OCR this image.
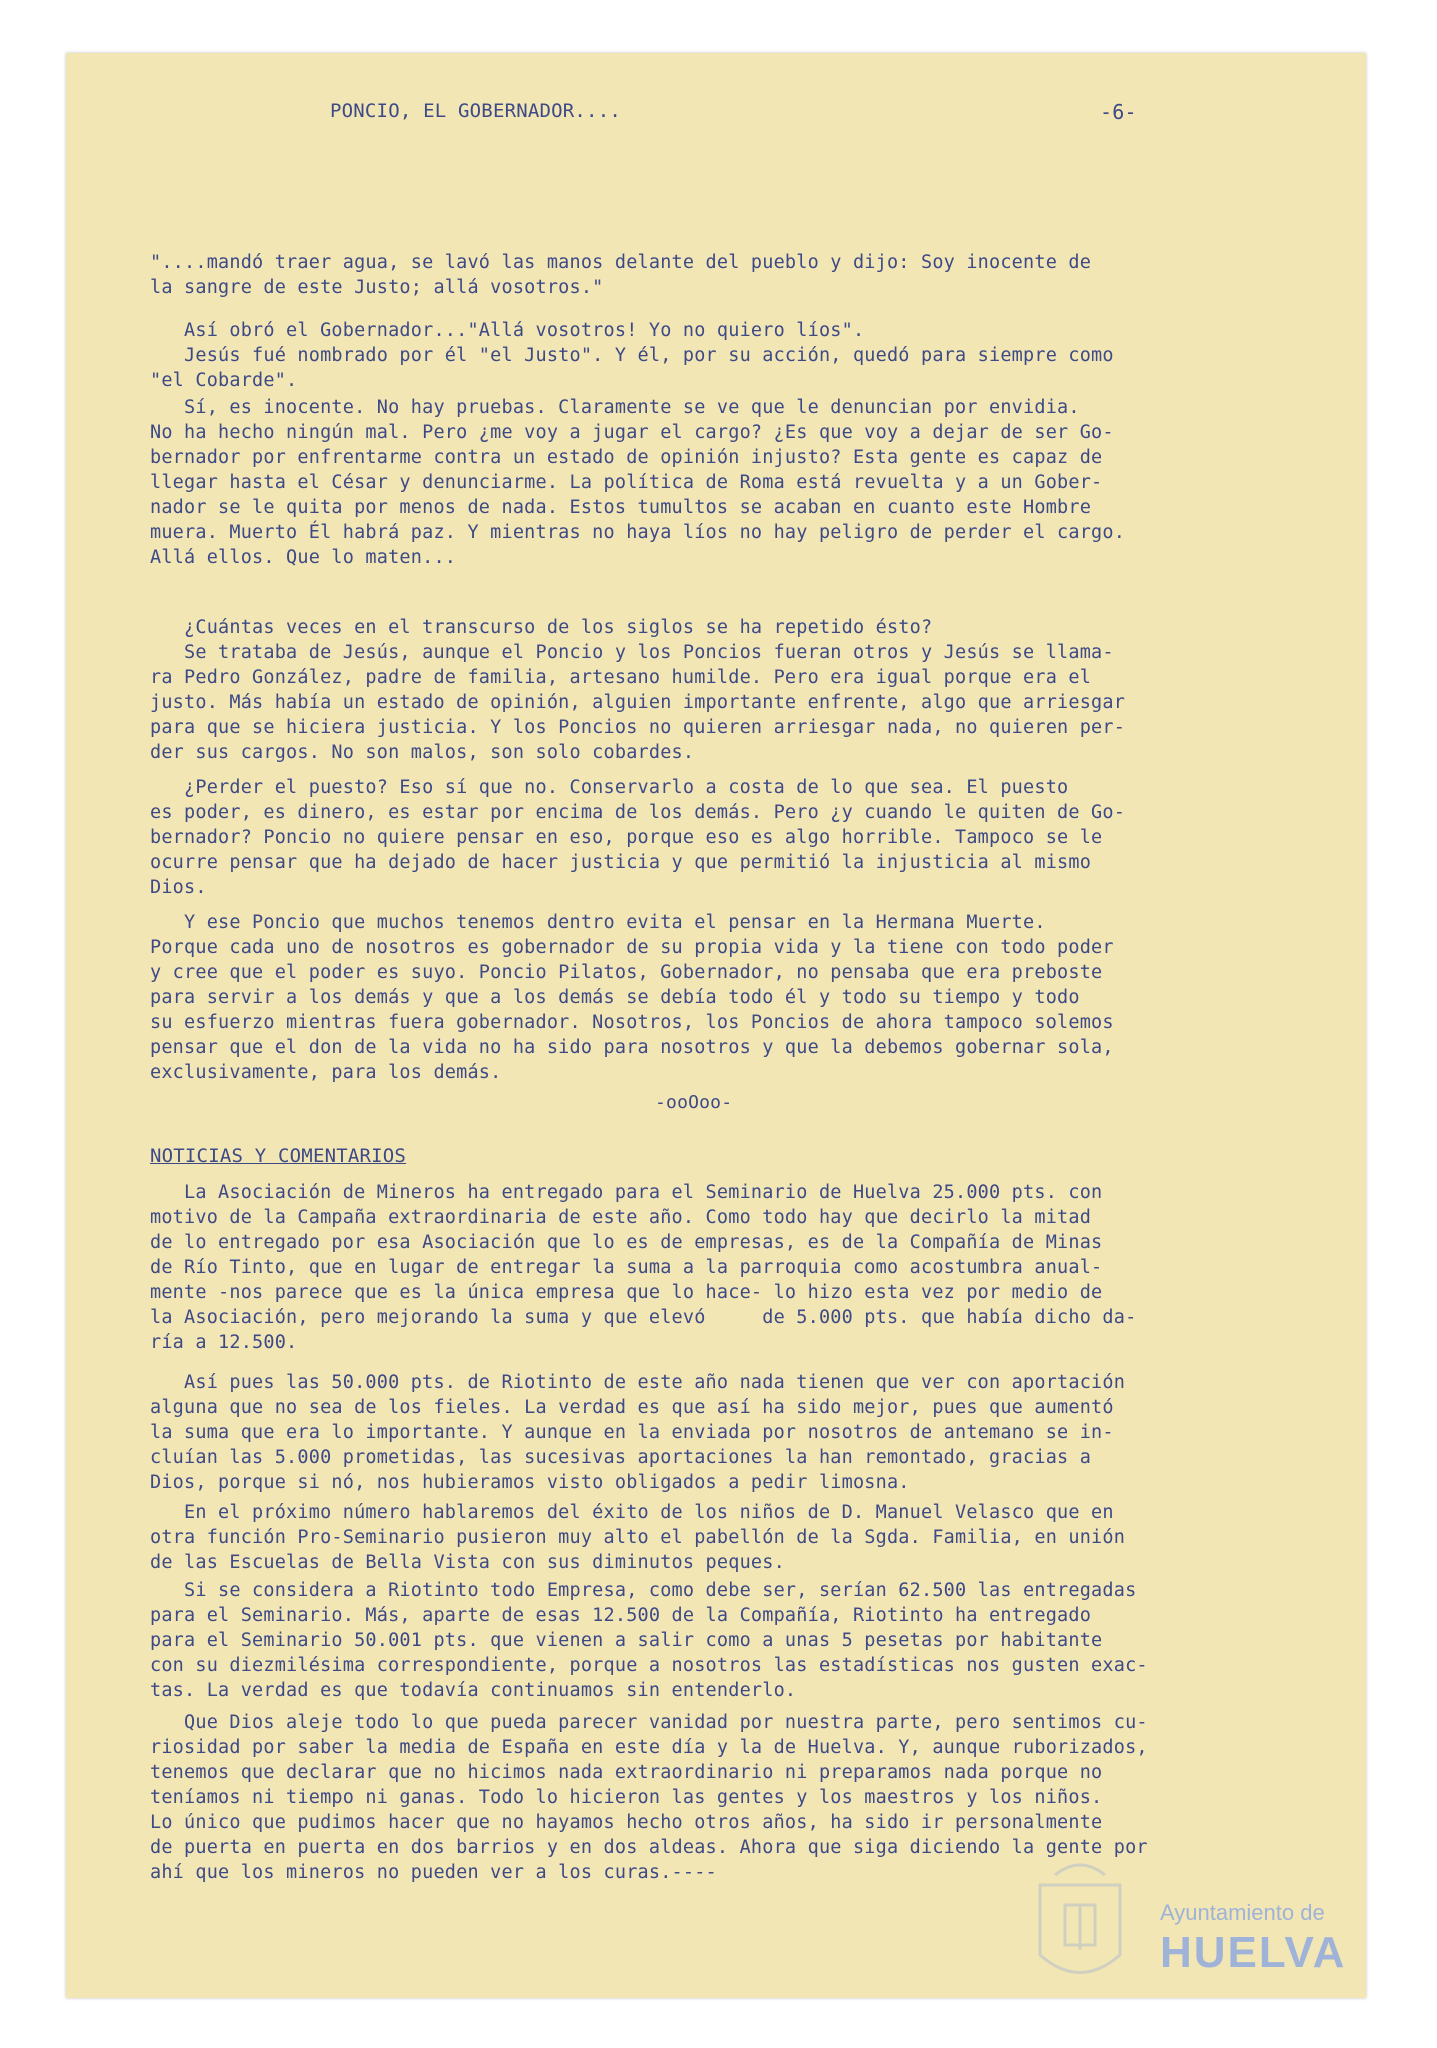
PONCIO, EL GOBERNADOR....	-6-
"....mandó traer agua, se lavó las manos delante del pueblo y dijo: Soy inocente de
la sangre de este Justo; allá vosotros."
Así obró el Gobernador..."Allá vosotros! Yo no quiero líos".
Jesús fué nombrado por él "el Justo". Y él, por su acción, quedó para siempre como
"el Cobarde".
Sí, es inocente. No hay pruebas. Claramente se ve que le denuncian por envidia.
No ha hecho ningún mal. Pero ¿me voy a jugar el cargo? ¿Es que voy a dejar de ser Go-
bernador por enfrentarme contra un estado de opinión injusto? Esta gente es capaz de
llegar hasta el César y denunciarme. La política de Roma está revuelta y a un Gober-
nador se le quita por menos de nada. Estos tumultos se acaban en cuanto este Hombre
muera. Muerto Él habrá paz. Y mientras no haya líos no hay peligro de perder el cargo.
Allá ellos. Que lo maten...
¿Cuántas veces en el transcurso de los siglos se ha repetido ésto?
Se trataba de Jesús, aunque el Poncio y los Poncios fueran otros y Jesús se llama-
ra Pedro González, padre de familia, artesano humilde. Pero era igual porque era el
justo. Más había un estado de opinión, alguien importante enfrente, algo que arriesgar
para que se hiciera justicia. Y los Poncios no quieren arriesgar nada, no quieren per-
der sus cargos. No son malos, son solo cobardes.
¿Perder el puesto? Eso sí que no. Conservarlo a costa de lo que sea. El puesto
es poder, es dinero, es estar por encima de los demás. Pero ¿y cuando le quiten de Go-
bernador? Poncio no quiere pensar en eso, porque eso es algo horrible. Tampoco se le
ocurre pensar que ha dejado de hacer justicia y que permitió la injusticia al mismo
Dios.
Y ese Poncio que muchos tenemos dentro evita el pensar en la Hermana Muerte.
Porque cada uno de nosotros es gobernador de su propia vida y la tiene con todo poder
y cree que el poder es suyo. Poncio Pilatos, Gobernador, no pensaba que era preboste
para servir a los demás y que a los demás se debía todo él y todo su tiempo y todo
su esfuerzo mientras fuera gobernador. Nosotros, los Poncios de ahora tampoco solemos
pensar que el don de la vida no ha sido para nosotros y que la debemos gobernar sola,
exclusivamente, para los demás.
-ooOoo-
NOTICIAS Y COMENTARIOS
La Asociación de Mineros ha entregado para el Seminario de Huelva 25.000 pts. con
motivo de la Campaña extraordinaria de este año. Como todo hay que decirlo la mitad
de lo entregado por esa Asociación que lo es de empresas, es de la Compañía de Minas
de Río Tinto, que en lugar de entregar la suma a la parroquia como acostumbra anual-
mente -nos parece que es la única empresa que lo hace- lo hizo esta vez por medio de
la Asociación, pero mejorando la suma y que elevó     de 5.000 pts. que había dicho da-
ría a 12.500.
Así pues las 50.000 pts. de Riotinto de este año nada tienen que ver con aportación
alguna que no sea de los fieles. La verdad es que así ha sido mejor, pues que aumentó
la suma que era lo importante. Y aunque en la enviada por nosotros de antemano se in-
cluían las 5.000 prometidas, las sucesivas aportaciones la han remontado, gracias a
Dios, porque si nó, nos hubieramos visto obligados a pedir limosna.
En el próximo número hablaremos del éxito de los niños de D. Manuel Velasco que en
otra función Pro-Seminario pusieron muy alto el pabellón de la Sgda. Familia, en unión
de las Escuelas de Bella Vista con sus diminutos peques.
Si se considera a Riotinto todo Empresa, como debe ser, serían 62.500 las entregadas
para el Seminario. Más, aparte de esas 12.500 de la Compañía, Riotinto ha entregado
para el Seminario 50.001 pts. que vienen a salir como a unas 5 pesetas por habitante
con su diezmilésima correspondiente, porque a nosotros las estadísticas nos gusten exac-
tas. La verdad es que todavía continuamos sin entenderlo.
Que Dios aleje todo lo que pueda parecer vanidad por nuestra parte, pero sentimos cu-
riosidad por saber la media de España en este día y la de Huelva. Y, aunque ruborizados,
tenemos que declarar que no hicimos nada extraordinario ni preparamos nada porque no
teníamos ni tiempo ni ganas. Todo lo hicieron las gentes y los maestros y los niños.
Lo único que pudimos hacer que no hayamos hecho otros años, ha sido ir personalmente
de puerta en puerta en dos barrios y en dos aldeas. Ahora que siga diciendo la gente por
ahí que los mineros no pueden ver a los curas.----
Ayuntamiento de
HUELVA
